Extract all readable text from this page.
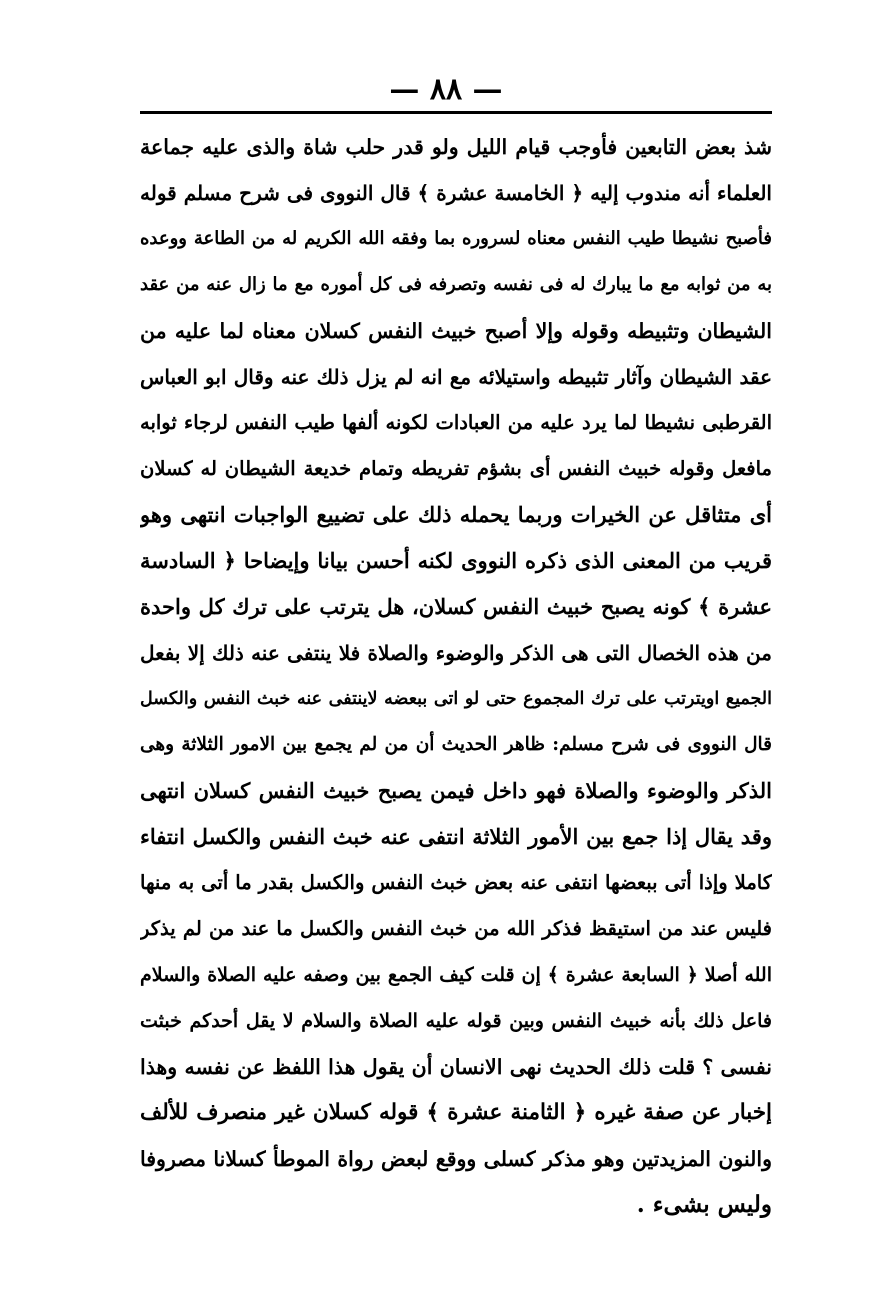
— ٨٨ —
شذ بعض التابعين فأوجب قيام الليل ولو قدر حلب شاة والذى عليه جماعة
العلماء أنه مندوب إليه ﴿ الخامسة عشرة ﴾ قال النووى فى شرح مسلم قوله
فأصبح نشيطا طيب النفس معناه لسروره بما وفقه الله الكريم له من الطاعة ووعده
به من ثوابه مع ما يبارك له فى نفسه وتصرفه فى كل أموره مع ما زال عنه من عقد
الشيطان وتثبيطه وقوله وإلا أصبح خبيث النفس كسلان معناه لما عليه من
عقد الشيطان وآثار تثبيطه واستيلائه مع انه لم يزل ذلك عنه وقال ابو العباس
القرطبى نشيطا لما يرد عليه من العبادات لكونه ألفها طيب النفس لرجاء ثوابه
مافعل وقوله خبيث النفس أى بشؤم تفريطه وتمام خديعة الشيطان له كسلان
أى متثاقل عن الخيرات وربما يحمله ذلك على تضييع الواجبات انتهى وهو
قريب من المعنى الذى ذكره النووى لكنه أحسن بيانا وإيضاحا ﴿ السادسة
عشرة ﴾ كونه يصبح خبيث النفس كسلان، هل يترتب على ترك كل واحدة
من هذه الخصال التى هى الذكر والوضوء والصلاة فلا ينتفى عنه ذلك إلا بفعل
الجميع اويترتب على ترك المجموع حتى لو اتى ببعضه لاينتفى عنه خبث النفس والكسل
قال النووى فى شرح مسلم: ظاهر الحديث أن من لم يجمع بين الامور الثلاثة وهى
الذكر والوضوء والصلاة فهو داخل فيمن يصبح خبيث النفس كسلان انتهى
وقد يقال إذا جمع بين الأمور الثلاثة انتفى عنه خبث النفس والكسل انتفاء
كاملا وإذا أتى ببعضها انتفى عنه بعض خبث النفس والكسل بقدر ما أتى به منها
فليس عند من استيقظ فذكر الله من خبث النفس والكسل ما عند من لم يذكر
الله أصلا ﴿ السابعة عشرة ﴾ إن قلت كيف الجمع بين وصفه عليه الصلاة والسلام
فاعل ذلك بأنه خبيث النفس وبين قوله عليه الصلاة والسلام لا يقل أحدكم خبثت
نفسى ؟ قلت ذلك الحديث نهى الانسان أن يقول هذا اللفظ عن نفسه وهذا
إخبار عن صفة غيره ﴿ الثامنة عشرة ﴾ قوله كسلان غير منصرف للألف
والنون المزيدتين وهو مذكر كسلى ووقع لبعض رواة الموطأ كسلانا مصروفا
وليس بشىء .
